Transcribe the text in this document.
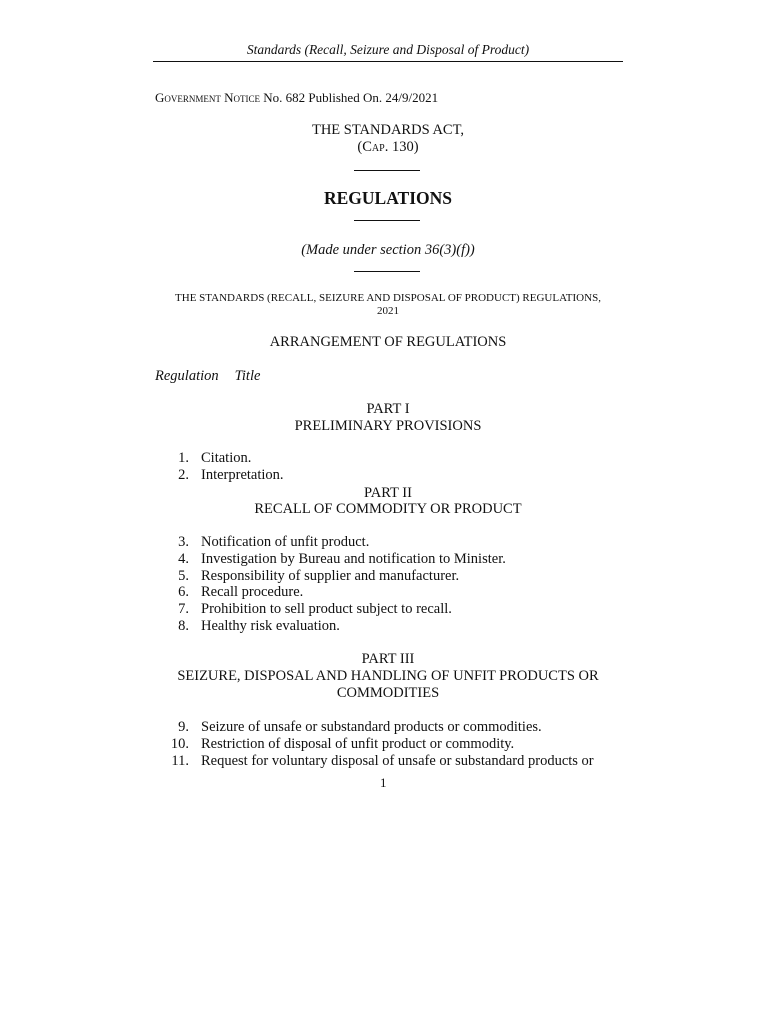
Standards (Recall, Seizure and Disposal of Product)
Government Notice No. 682 Published On. 24/9/2021
THE STANDARDS ACT,
(Cap. 130)
REGULATIONS
(Made under section 36(3)(f))
THE STANDARDS (RECALL, SEIZURE AND DISPOSAL OF PRODUCT) REGULATIONS,
2021
ARRANGEMENT OF REGULATIONS
Regulation Title
PART I
PRELIMINARY PROVISIONS
1. Citation.
2. Interpretation.
PART II
RECALL OF COMMODITY OR PRODUCT
3. Notification of unfit product.
4. Investigation by Bureau and notification to Minister.
5. Responsibility of supplier and manufacturer.
6. Recall procedure.
7. Prohibition to sell product subject to recall.
8. Healthy risk evaluation.
PART III
SEIZURE, DISPOSAL AND HANDLING OF UNFIT PRODUCTS OR
COMMODITIES
9. Seizure of unsafe or substandard products or commodities.
10. Restriction of disposal of unfit product or commodity.
11. Request for voluntary disposal of unsafe or substandard products or
1
